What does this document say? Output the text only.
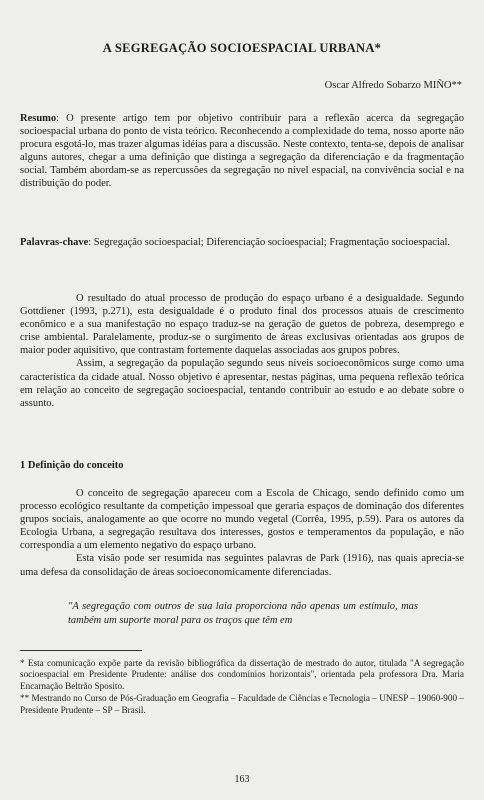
A SEGREGAÇÃO SOCIOESPACIAL URBANA*
Oscar Alfredo Sobarzo MIÑO**
Resumo: O presente artigo tem por objetivo contribuir para a reflexão acerca da segregação socioespacial urbana do ponto de vista teórico. Reconhecendo a complexidade do tema, nosso aporte não procura esgotá-lo, mas trazer algumas idéias para a discussão. Neste contexto, tenta-se, depois de analisar alguns autores, chegar a uma definição que distinga a segregação da diferenciação e da fragmentação social. Também abordam-se as repercussões da segregação no nível espacial, na convivência social e na distribuição do poder.
Palavras-chave: Segregação socioespacial; Diferenciação socioespacial; Fragmentação socioespacial.

O resultado do atual processo de produção do espaço urbano é a desigualdade. Segundo Gottdiener (1993, p.271), esta desigualdade é o produto final dos processos atuais de crescimento econômico e a sua manifestação no espaço traduz-se na geração de guetos de pobreza, desemprego e crise ambiental. Paralelamente, produz-se o surgimento de áreas exclusivas orientadas aos grupos de maior poder aquisitivo, que contrastam fortemente daquelas associadas aos grupos pobres.

Assim, a segregação da população segundo seus níveis socioeconômicos surge como uma característica da cidade atual. Nosso objetivo é apresentar, nestas páginas, uma pequena reflexão teórica em relação ao conceito de segregação socioespacial, tentando contribuir ao estudo e ao debate sobre o assunto.

1 Definição do conceito

O conceito de segregação apareceu com a Escola de Chicago, sendo definido como um processo ecológico resultante da competição impessoal que geraria espaços de dominação dos diferentes grupos sociais, analogamente ao que ocorre no mundo vegetal (Corrêa, 1995, p.59). Para os autores da Ecologia Urbana, a segregação resultava dos interesses, gostos e temperamentos da população, e não correspondia a um elemento negativo do espaço urbano.

Esta visão pode ser resumida nas seguintes palavras de Park (1916), nas quais aprecia-se uma defesa da consolidação de áreas socioeconomicamente diferenciadas.

"A segregação com outros de sua laia proporciona não apenas um estímulo, mas também um suporte moral para os traços que têm em

* Esta comunicação expõe parte da revisão bibliográfica da dissertação de mestrado do autor, titulada "A segregação socioespacial em Presidente Prudente: análise dos condomínios horizontais", orientada pela professora Dra. Maria Encarnação Beltrão Sposito.

** Mestrando no Curso de Pós-Graduação em Geografia – Faculdade de Ciências e Tecnologia – UNESP – 19060-900 – Presidente Prudente – SP – Brasil.

163
